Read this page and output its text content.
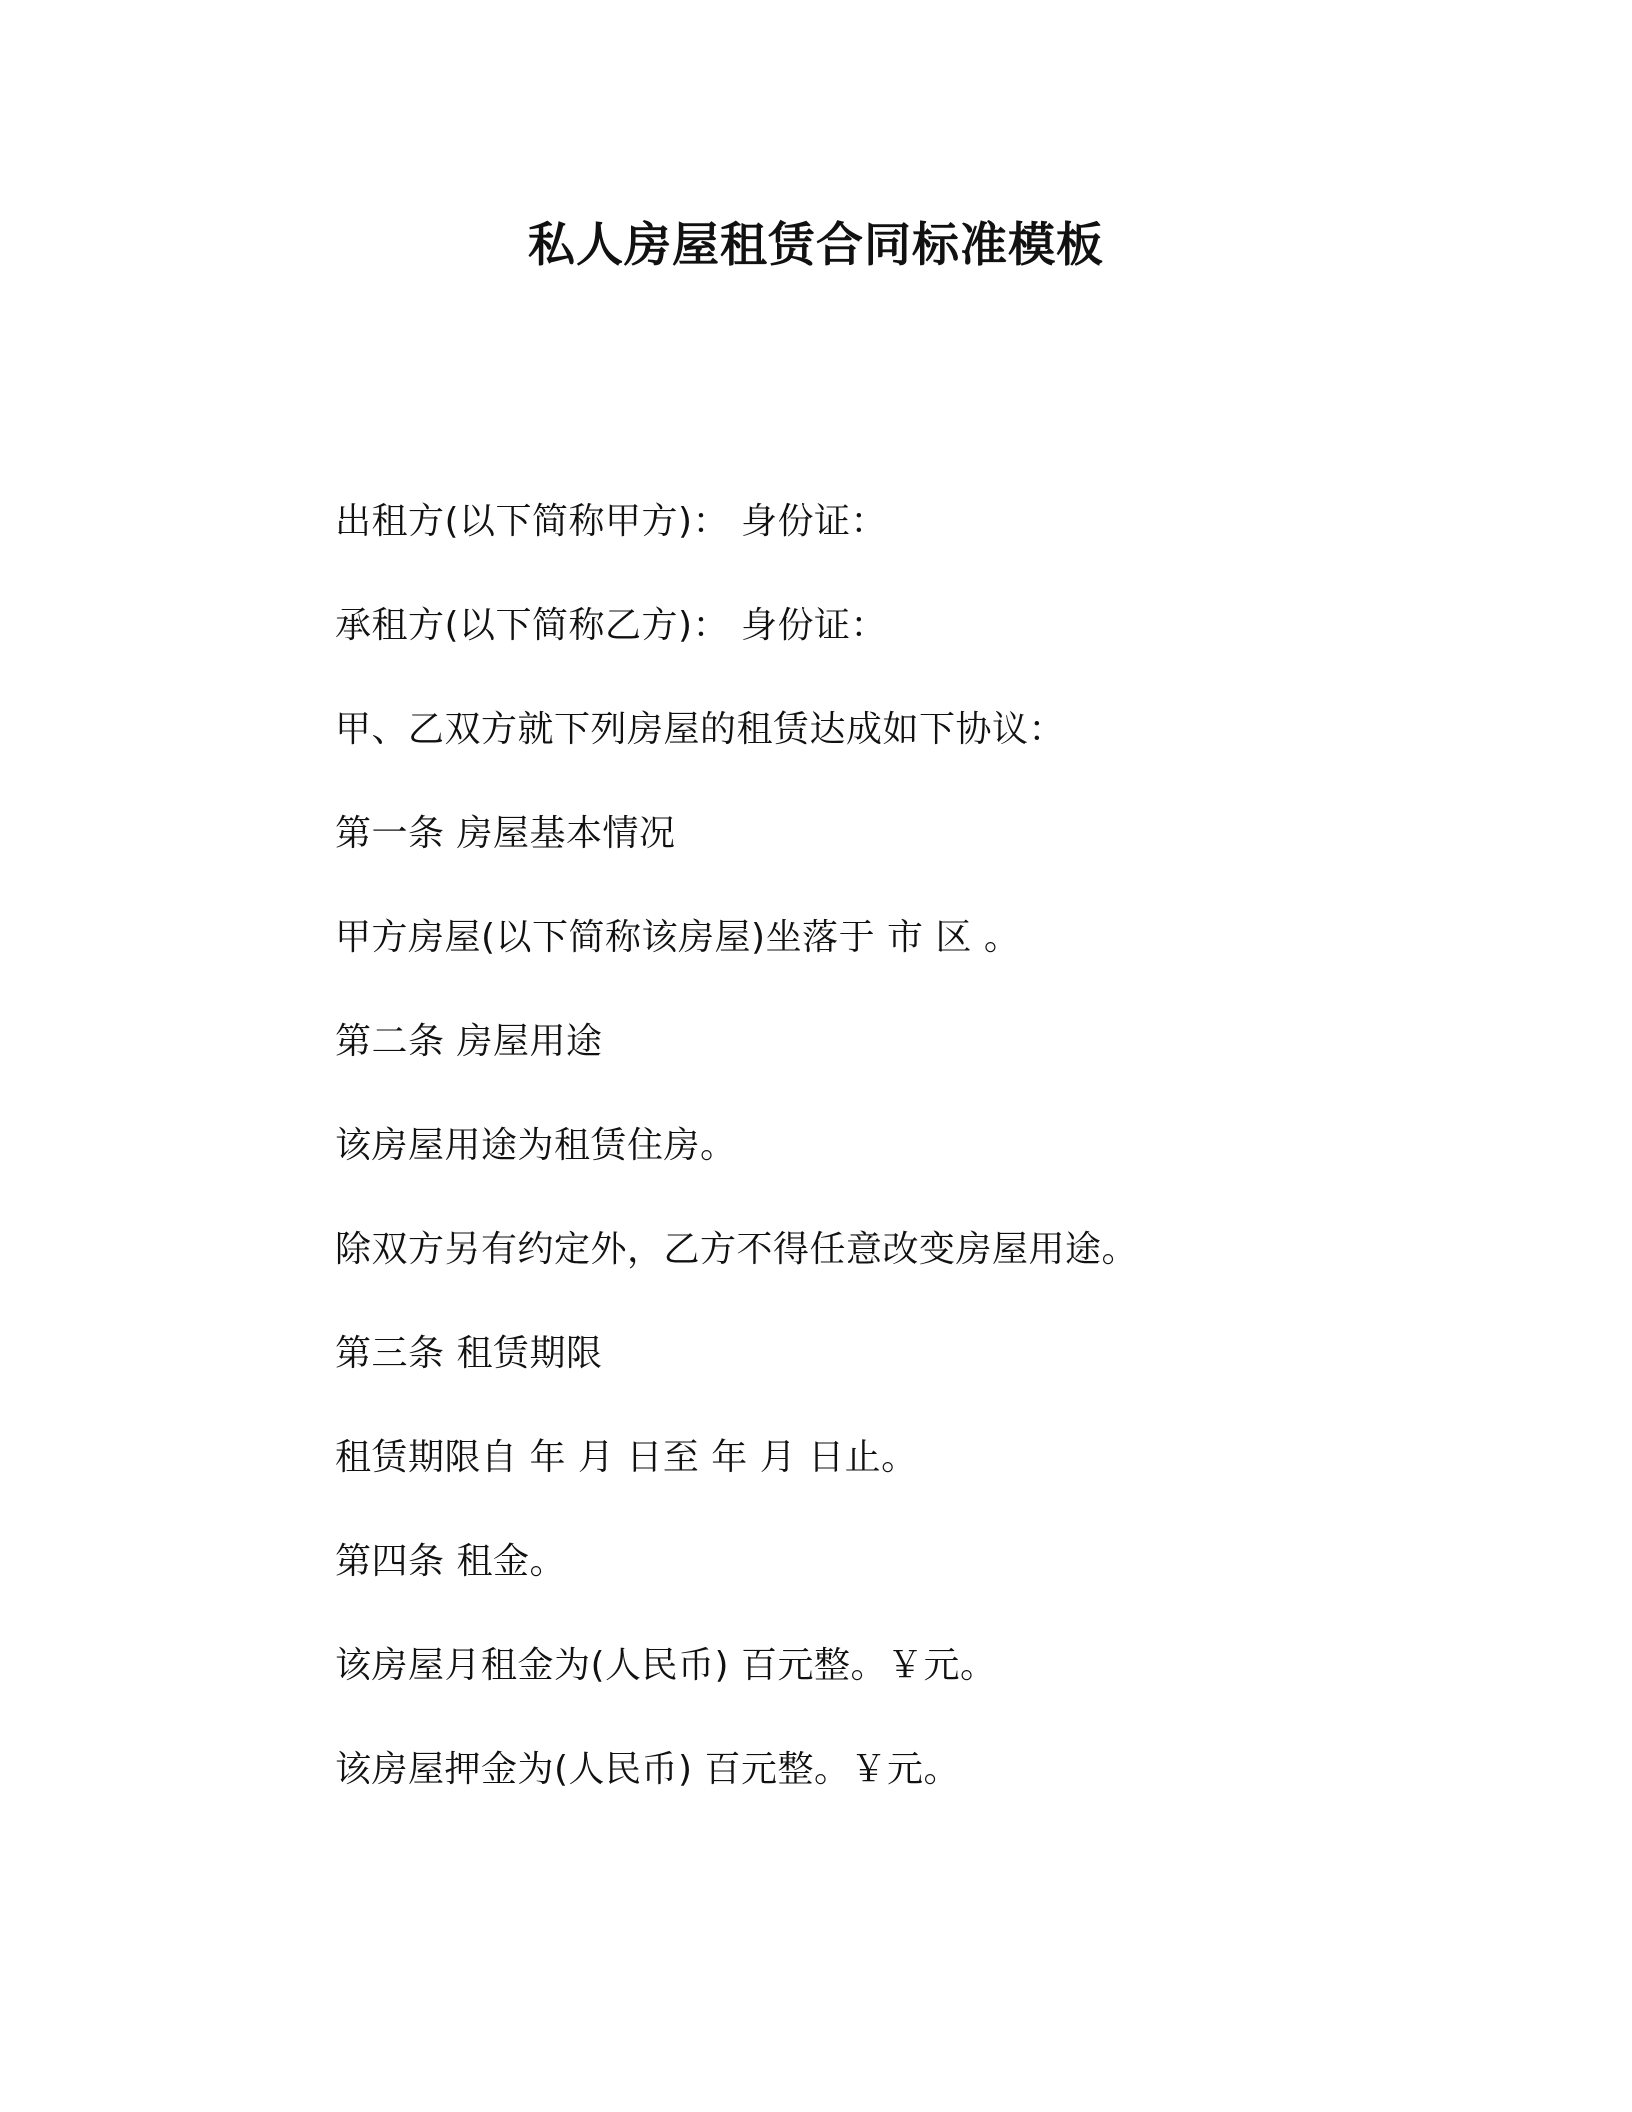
私人房屋租赁合同标准模板
出租方(以下简称甲方)： 身份证：
承租方(以下简称乙方)： 身份证：
甲、乙双方就下列房屋的租赁达成如下协议：
第一条 房屋基本情况
甲方房屋(以下简称该房屋)坐落于 市 区 。
第二条 房屋用途
该房屋用途为租赁住房。
除双方另有约定外，乙方不得任意改变房屋用途。
第三条 租赁期限
租赁期限自 年 月 日至 年 月 日止。
第四条 租金。
该房屋月租金为(人民币) 百元整。￥元。
该房屋押金为(人民币) 百元整。￥元。
